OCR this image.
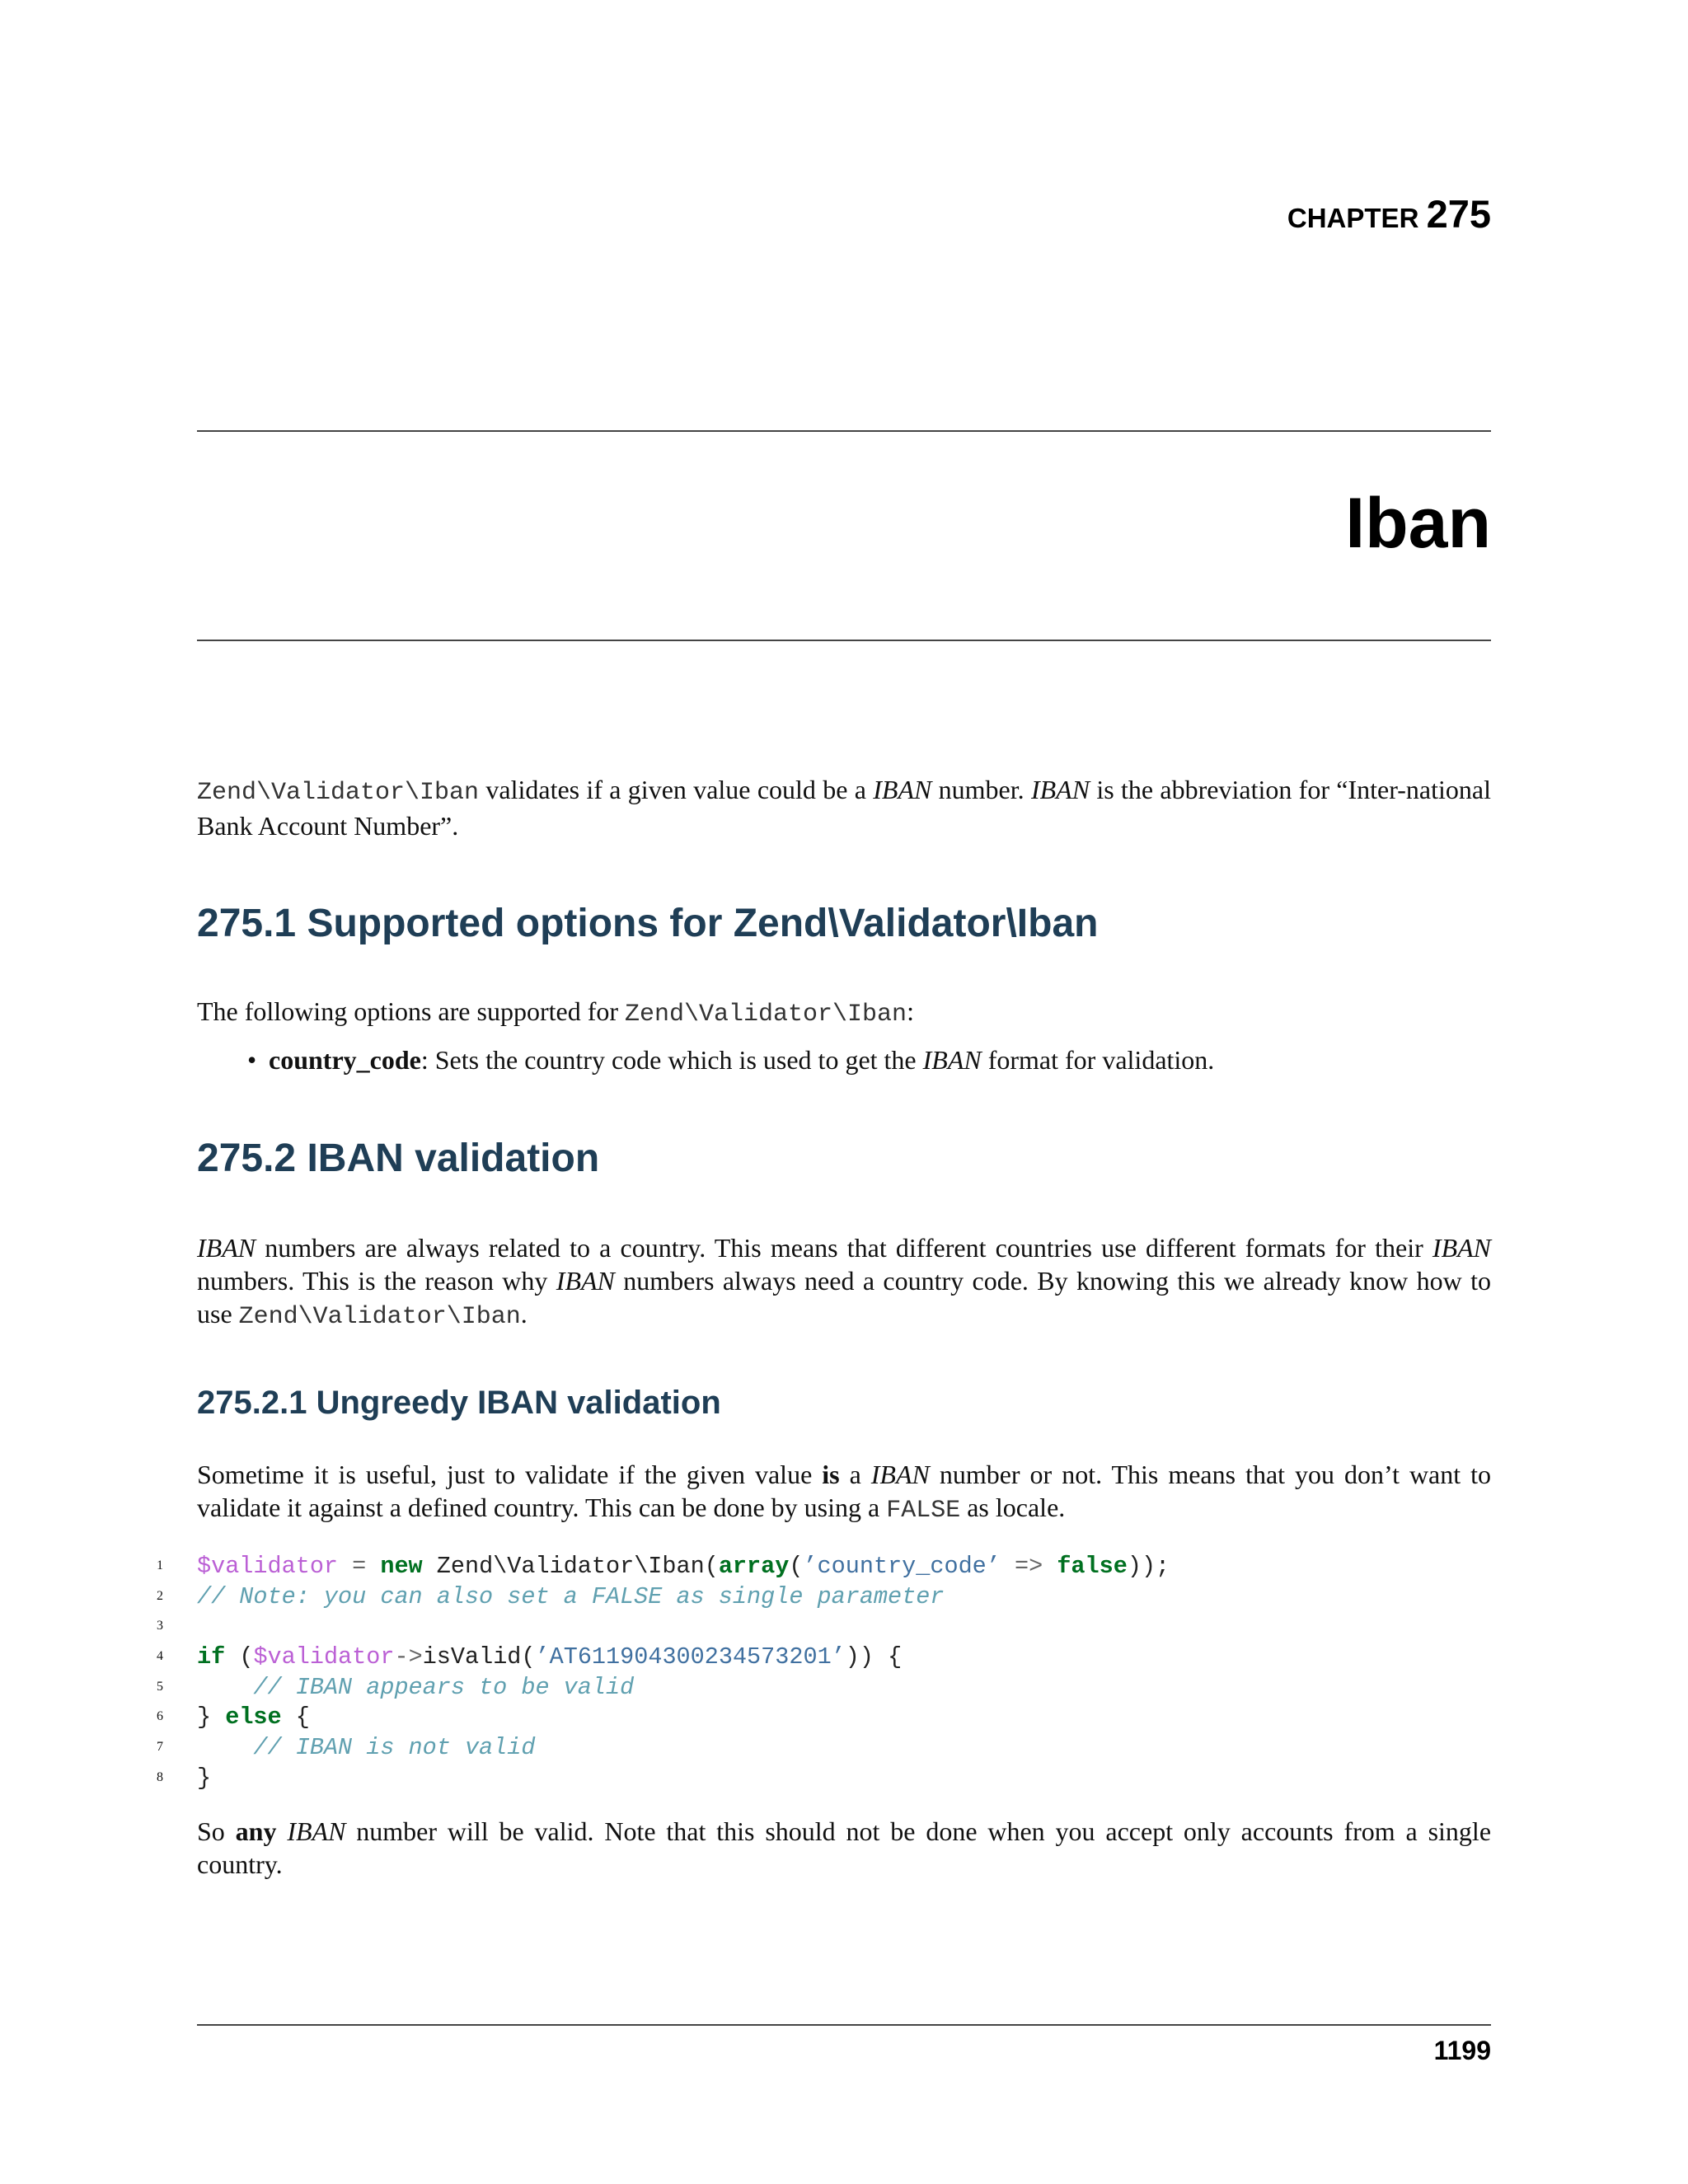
CHAPTER 275
Iban
Zend\Validator\Iban validates if a given value could be a IBAN number. IBAN is the abbreviation for “Inter-national Bank Account Number”.
275.1 Supported options for Zend\Validator\Iban
The following options are supported for Zend\Validator\Iban:
• country_code: Sets the country code which is used to get the IBAN format for validation.
275.2 IBAN validation
IBAN numbers are always related to a country. This means that different countries use different formats for their IBAN numbers. This is the reason why IBAN numbers always need a country code. By knowing this we already know how to use Zend\Validator\Iban.
275.2.1 Ungreedy IBAN validation
Sometime it is useful, just to validate if the given value is a IBAN number or not. This means that you don’t want to validate it against a defined country. This can be done by using a FALSE as locale.
1 $validator = new Zend\Validator\Iban(array(’country_code’ => false));
2 // Note: you can also set a FALSE as single parameter
3
4 if ($validator->isValid(’AT611904300234573201’)) {
5    // IBAN appears to be valid
6 } else {
7    // IBAN is not valid
8 }
So any IBAN number will be valid. Note that this should not be done when you accept only accounts from a single country.
1199
